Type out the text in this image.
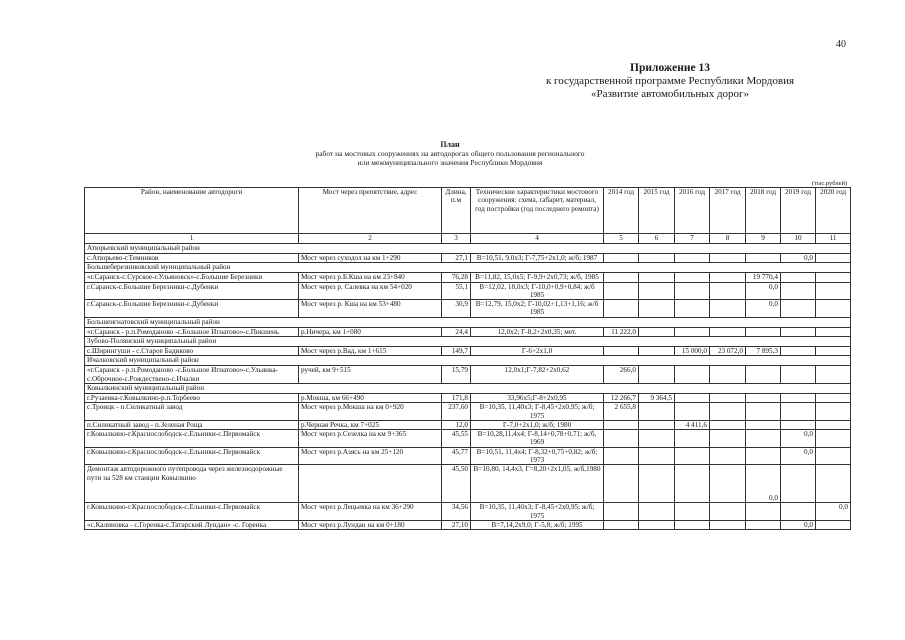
40
Приложение 13
к государственной программе Республики Мордовия
«Развитие автомобильных дорог»
План
работ на мостовых сооружениях на автодорогах общего пользования регионального
или межмуниципального значения Республики Мордовия
(тыс.рублей)
Район, наименование автодороги	Мост через препятствие, адрес	Длина, п.м	Технические характеристики мостового сооружения: схема, габарит, материал, год постройки (год последнего ремонта)	2014 год	2015 год	2016 год	2017 год	2018 год	2019 год	2020 год
1	2	3	4	5	6	7	8	9	10	11
Атюрьевский муниципальный район										
с.Атюрьево-г.Темников	Мост через суходол на км 1+290	27,1	В=10,51, 9.0х3; Г-7,75+2х1,0; ж/б; 1987						0,0	
Большеберезниковский муниципальный район										
«г.Саранск-с.Сурское-г.Ульяновск»-с.Большие Березники	Мост через р.Б.Кша на км 23+840	76,28	В=11,82, 15,0х5; Г-9,9+2х0,73; ж/б, 1985					19 770,4		
г.Саранск-с.Большие Березники-с.Дубенки	Мост через р. Салевка на км 54+020	55,1	В=12,02, 18,0х3; Г-10,0+0,9+0,84; ж/б 1985					0,0		
г.Саранск-с.Большие Березники-с.Дубенки	Мост через р. Кша на км 53+480	30,9	В=12,79, 15,0х2; Г-10,02+1,13+1,16; ж/б 1985					0,0		
Большеигнатовский муниципальный район										
«г.Саранск - р.п.Ромоданово -с.Большое Игнатово»-с.Пикшень	р.Ничера, км 1+080	24,4	12,0х2; Г-8,2+2х0,35; мет.	11 222,0						
Зубово-Полянский муниципальный район										
с.Ширингуши - с.Старое Бадиково	Мост через р.Вад, км 1+615	149,7	Г-6+2х1,0			15 000,0	23 072,0	7 895,3		
Ичалковский муниципальный район										
«г.Саранск - р.п.Ромоданово -с.Большое Игнатово»-с.Ульянка-с.Оброчное-с.Рождествено-с.Ичалки	ручей, км 9+515	15,79	12,0х1;Г-7,82+2х0,62	266,0						
Ковылкинский муниципальный район										
г.Рузаевка-г.Ковылкино-р.п.Торбеево	р.Мокша, км 66+490	171,8	33,96х5;Г-8+2х0,95	12 266,7	9 364,5					
с.Троицк - п.Силикатный завод	Мост через р.Мокша на км 0+920	237,60	В=10,35, 11,40х3; Г-8,45+2х0,95; ж/б; 1975	2 655,8						
п.Силикатный завод - п.Зеленая Роща	р.Черная Речка, км 7+025	12,0	Г-7,0+2х1,0; ж/б; 1980			4 411,6				
г.Ковылкино-г.Краснослободск-с.Ельники-с.Первомайск	Мост через р.Сезелка на км 9+365	45,55	В=10,28,11,4х4; Г-8,14+0,78+0,71; ж/б, 1969						0,0	
г.Ковылкино-г.Краснослободск-с.Ельники-с.Первомайск	Мост через р.Азясь на км 25+120	45,77	В=10,51, 11,4х4; Г-8,32+0,75+0,82; ж/б; 1973						0,0	
Демонтаж автодорожного путепровода через железнодорожные пути на 528 км станции Ковылкино		45,50	В=10,80, 14,4х3, Г=8,20+2х1,05, ж/б,1980					0,0		
г.Ковылкино-г.Краснослободск-с.Ельники-с.Первомайск	Мост через р.Лецьевка на км 36+290	34,56	В=10,35, 11,40х3; Г-8,45+2х0,95; ж/б; 1975							0,0
«с.Калиновка - с.Горенка-с.Татарский Лундан» -с. Горенка	Мост через р.Лундан на км 0+180	27,10	В=7,14,2х9,0; Г-5,8; ж/б; 1995						0,0	
